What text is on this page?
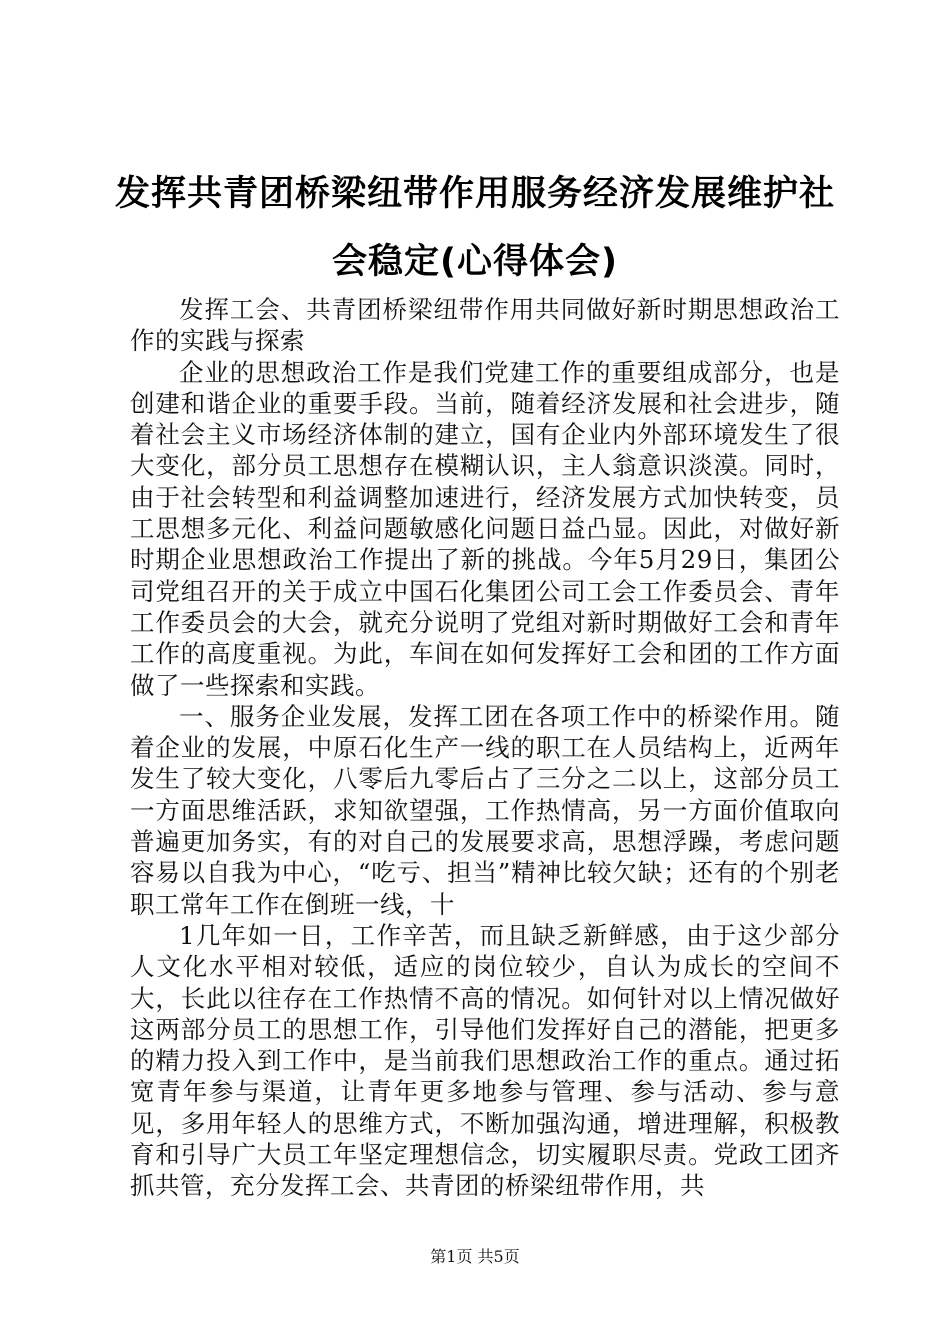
发挥共青团桥梁纽带作用服务经济发展维护社会稳定(心得体会)

发挥工会、共青团桥梁纽带作用共同做好新时期思想政治工作的实践与探索

企业的思想政治工作是我们党建工作的重要组成部分，也是创建和谐企业的重要手段。当前，随着经济发展和社会进步，随着社会主义市场经济体制的建立，国有企业内外部环境发生了很大变化，部分员工思想存在模糊认识，主人翁意识淡漠。同时，由于社会转型和利益调整加速进行，经济发展方式加快转变，员工思想多元化、利益问题敏感化问题日益凸显。因此，对做好新时期企业思想政治工作提出了新的挑战。今年5月29日，集团公司党组召开的关于成立中国石化集团公司工会工作委员会、青年工作委员会的大会，就充分说明了党组对新时期做好工会和青年工作的高度重视。为此，车间在如何发挥好工会和团的工作方面做了一些探索和实践。

一、服务企业发展，发挥工团在各项工作中的桥梁作用。随着企业的发展，中原石化生产一线的职工在人员结构上，近两年发生了较大变化，八零后九零后占了三分之二以上，这部分员工一方面思维活跃，求知欲望强，工作热情高，另一方面价值取向普遍更加务实，有的对自己的发展要求高，思想浮躁，考虑问题容易以自我为中心，“吃亏、担当”精神比较欠缺；还有的个别老职工常年工作在倒班一线，十

1几年如一日，工作辛苦，而且缺乏新鲜感，由于这少部分人文化水平相对较低，适应的岗位较少，自认为成长的空间不大，长此以往存在工作热情不高的情况。如何针对以上情况做好这两部分员工的思想工作，引导他们发挥好自己的潜能，把更多的精力投入到工作中，是当前我们思想政治工作的重点。通过拓宽青年参与渠道，让青年更多地参与管理、参与活动、参与意见，多用年轻人的思维方式，不断加强沟通，增进理解，积极教育和引导广大员工年坚定理想信念，切实履职尽责。党政工团齐抓共管，充分发挥工会、共青团的桥梁纽带作用，共

第1页 共5页
